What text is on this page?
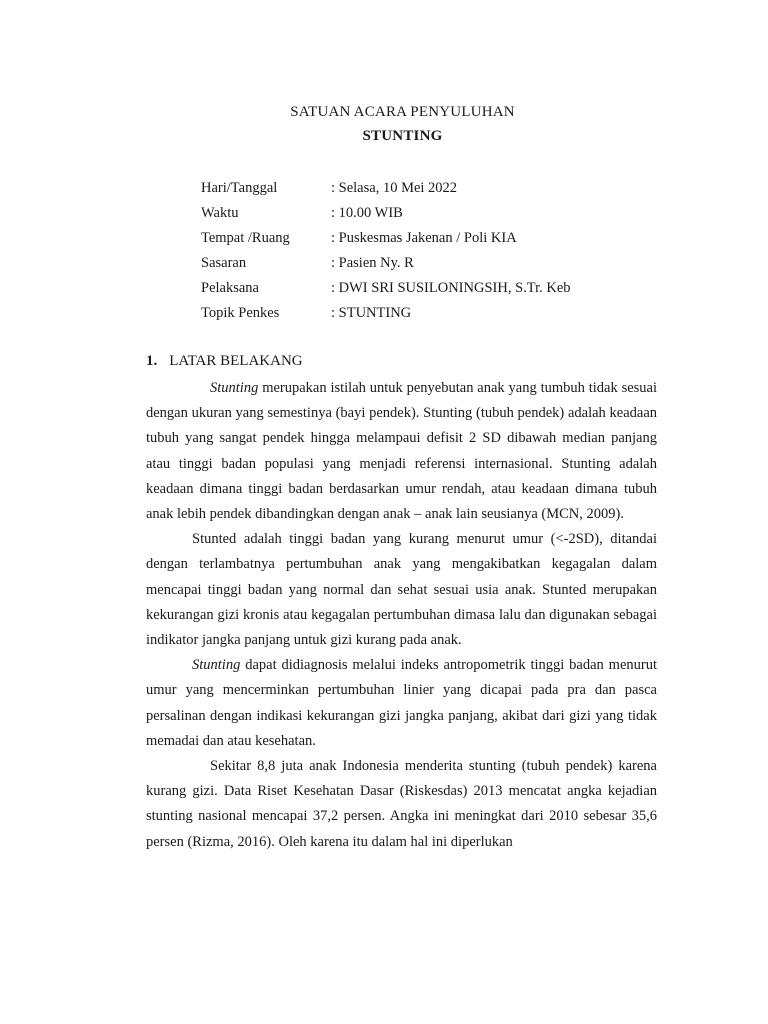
SATUAN ACARA PENYULUHAN
STUNTING
Hari/Tanggal	: Selasa, 10 Mei 2022
Waktu	: 10.00 WIB
Tempat /Ruang	: Puskesmas Jakenan / Poli KIA
Sasaran	: Pasien Ny. R
Pelaksana	: DWI SRI SUSILONINGSIH, S.Tr. Keb
Topik Penkes	: STUNTING
1. LATAR BELAKANG

Stunting merupakan istilah untuk penyebutan anak yang tumbuh tidak sesuai dengan ukuran yang semestinya (bayi pendek). Stunting (tubuh pendek) adalah keadaan tubuh yang sangat pendek hingga melampaui defisit 2 SD dibawah median panjang atau tinggi badan populasi yang menjadi referensi internasional. Stunting adalah keadaan dimana tinggi badan berdasarkan umur rendah, atau keadaan dimana tubuh anak lebih pendek dibandingkan dengan anak – anak lain seusianya (MCN, 2009).

Stunted adalah tinggi badan yang kurang menurut umur (<-2SD), ditandai dengan terlambatnya pertumbuhan anak yang mengakibatkan kegagalan dalam mencapai tinggi badan yang normal dan sehat sesuai usia anak. Stunted merupakan kekurangan gizi kronis atau kegagalan pertumbuhan dimasa lalu dan digunakan sebagai indikator jangka panjang untuk gizi kurang pada anak.

Stunting dapat didiagnosis melalui indeks antropometrik tinggi badan menurut umur yang mencerminkan pertumbuhan linier yang dicapai pada pra dan pasca persalinan dengan indikasi kekurangan gizi jangka panjang, akibat dari gizi yang tidak memadai dan atau kesehatan.

Sekitar 8,8 juta anak Indonesia menderita stunting (tubuh pendek) karena kurang gizi. Data Riset Kesehatan Dasar (Riskesdas) 2013 mencatat angka kejadian stunting nasional mencapai 37,2 persen. Angka ini meningkat dari 2010 sebesar 35,6 persen (Rizma, 2016). Oleh karena itu dalam hal ini diperlukan
